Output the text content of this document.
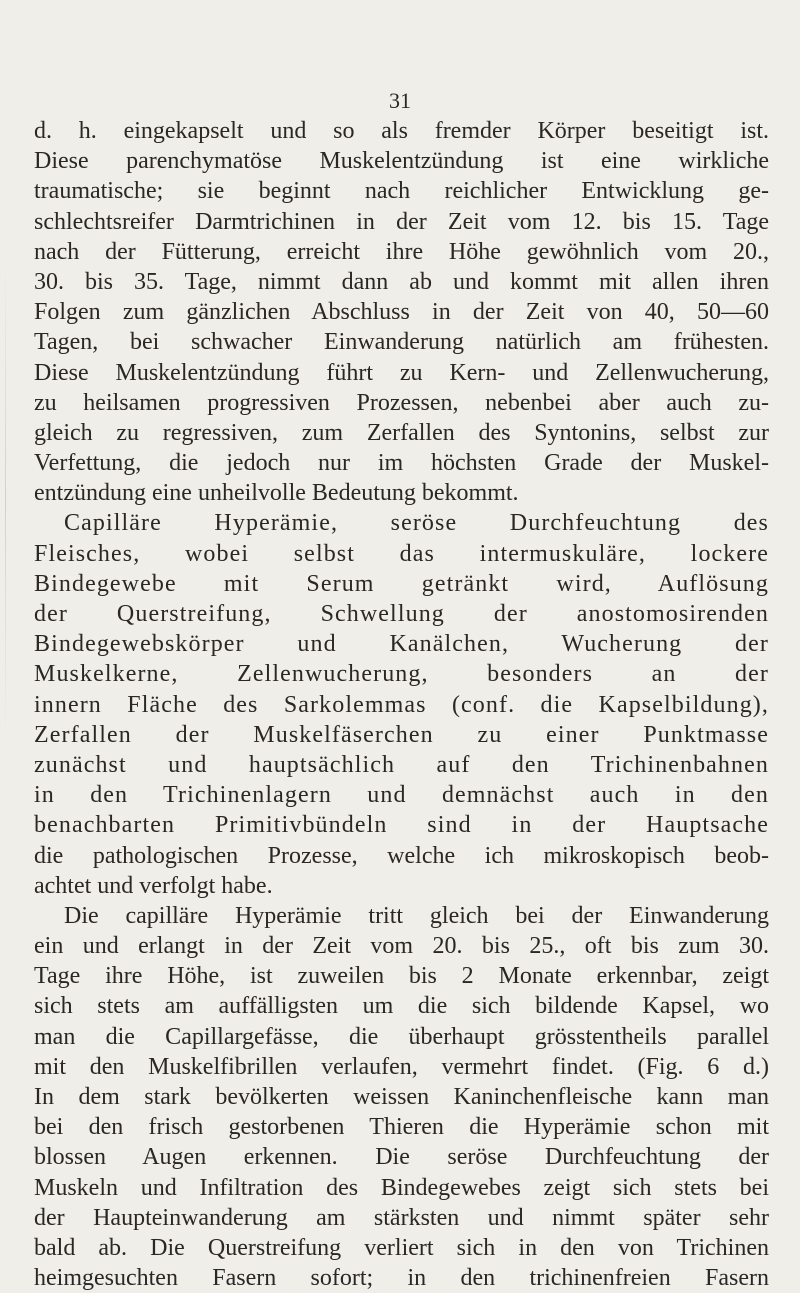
31
d. h. eingekapselt und so als fremder Körper beseitigt ist.
Diese parenchymatöse Muskelentzündung ist eine wirkliche
traumatische; sie beginnt nach reichlicher Entwicklung ge-
schlechtsreifer Darmtrichinen in der Zeit vom 12. bis 15. Tage
nach der Fütterung, erreicht ihre Höhe gewöhnlich vom 20.,
30. bis 35. Tage, nimmt dann ab und kommt mit allen ihren
Folgen zum gänzlichen Abschluss in der Zeit von 40, 50—60
Tagen, bei schwacher Einwanderung natürlich am frühesten.
Diese Muskelentzündung führt zu Kern- und Zellenwucherung,
zu heilsamen progressiven Prozessen, nebenbei aber auch zu-
gleich zu regressiven, zum Zerfallen des Syntonins, selbst zur
Verfettung, die jedoch nur im höchsten Grade der Muskel-
entzündung eine unheilvolle Bedeutung bekommt.
Capilläre Hyperämie, seröse Durchfeuchtung des
Fleisches, wobei selbst das intermuskuläre, lockere
Bindegewebe mit Serum getränkt wird, Auflösung
der Querstreifung, Schwellung der anostomosirenden
Bindegewebskörper und Kanälchen, Wucherung der
Muskelkerne, Zellenwucherung, besonders an der
innern Fläche des Sarkolemmas (conf. die Kapselbildung),
Zerfallen der Muskelfäserchen zu einer Punktmasse
zunächst und hauptsächlich auf den Trichinenbahnen
in den Trichinenlagern und demnächst auch in den
benachbarten Primitivbündeln sind in der Hauptsache
die pathologischen Prozesse, welche ich mikroskopisch beob-
achtet und verfolgt habe.
Die capilläre Hyperämie tritt gleich bei der Einwanderung
ein und erlangt in der Zeit vom 20. bis 25., oft bis zum 30.
Tage ihre Höhe, ist zuweilen bis 2 Monate erkennbar, zeigt
sich stets am auffälligsten um die sich bildende Kapsel, wo
man die Capillargefässe, die überhaupt grösstentheils parallel
mit den Muskelfibrillen verlaufen, vermehrt findet. (Fig. 6 d.)
In dem stark bevölkerten weissen Kaninchenfleische kann man
bei den frisch gestorbenen Thieren die Hyperämie schon mit
blossen Augen erkennen. Die seröse Durchfeuchtung der
Muskeln und Infiltration des Bindegewebes zeigt sich stets bei
der Haupteinwanderung am stärksten und nimmt später sehr
bald ab. Die Querstreifung verliert sich in den von Trichinen
heimgesuchten Fasern sofort; in den trichinenfreien Fasern
